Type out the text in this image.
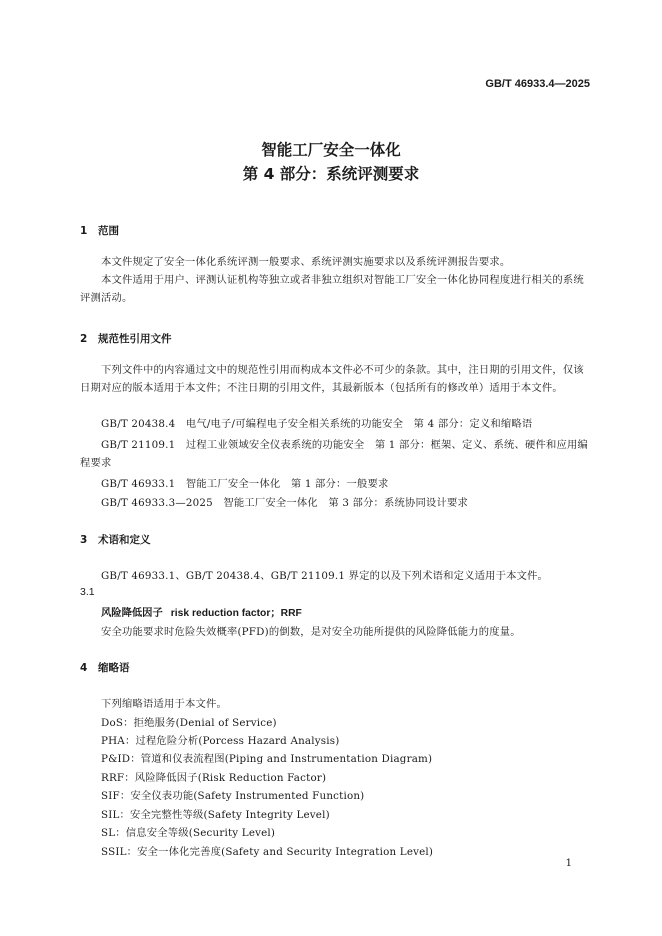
GB/T 46933.4—2025
智能工厂安全一体化
第 4 部分：系统评测要求
1 范围
本文件规定了安全一体化系统评测一般要求、系统评测实施要求以及系统评测报告要求。
本文件适用于用户、评测认证机构等独立或者非独立组织对智能工厂安全一体化协同程度进行相关的系统评测活动。
2 规范性引用文件
下列文件中的内容通过文中的规范性引用而构成本文件必不可少的条款。其中，注日期的引用文件，仅该日期对应的版本适用于本文件；不注日期的引用文件，其最新版本（包括所有的修改单）适用于本文件。
GB/T 20438.4　电气/电子/可编程电子安全相关系统的功能安全　第 4 部分：定义和缩略语
GB/T 21109.1　过程工业领域安全仪表系统的功能安全　第 1 部分：框架、定义、系统、硬件和应用编程要求
GB/T 46933.1　智能工厂安全一体化　第 1 部分：一般要求
GB/T 46933.3—2025　智能工厂安全一体化　第 3 部分：系统协同设计要求
3 术语和定义
GB/T 46933.1、GB/T 20438.4、GB/T 21109.1 界定的以及下列术语和定义适用于本文件。
3.1
风险降低因子 risk reduction factor；RRF
安全功能要求时危险失效概率(PFD)的倒数，是对安全功能所提供的风险降低能力的度量。
4 缩略语
下列缩略语适用于本文件。
DoS：拒绝服务(Denial of Service)
PHA：过程危险分析(Porcess Hazard Analysis)
P&ID：管道和仪表流程图(Piping and Instrumentation Diagram)
RRF：风险降低因子(Risk Reduction Factor)
SIF：安全仪表功能(Safety Instrumented Function)
SIL：安全完整性等级(Safety Integrity Level)
SL：信息安全等级(Security Level)
SSIL：安全一体化完善度(Safety and Security Integration Level)
1
